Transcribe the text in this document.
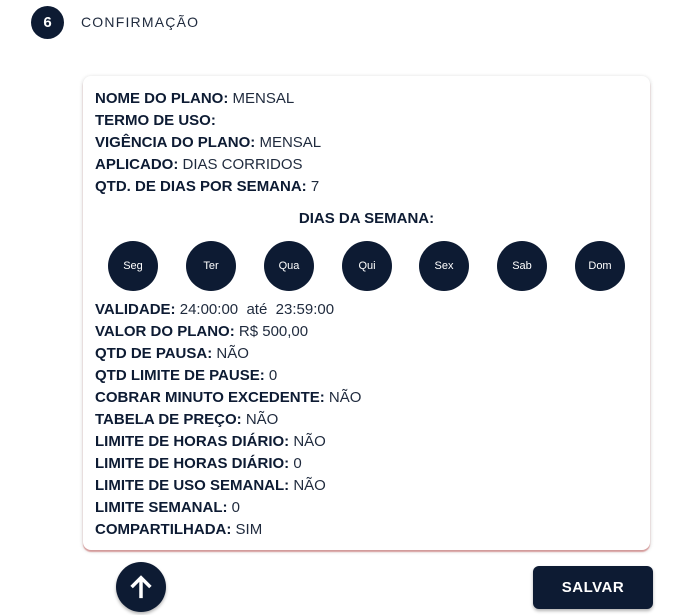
6	CONFIRMAÇÃO
NOME DO PLANO: MENSAL
TERMO DE USO:
VIGÊNCIA DO PLANO: MENSAL
APLICADO: DIAS CORRIDOS
QTD. DE DIAS POR SEMANA: 7
DIAS DA SEMANA:
Seg	Ter	Qua	Qui	Sex	Sab	Dom
VALIDADE: 24:00:00 até 23:59:00
VALOR DO PLANO: R$ 500,00
QTD DE PAUSA: NÃO
QTD LIMITE DE PAUSE: 0
COBRAR MINUTO EXCEDENTE: NÃO
TABELA DE PREÇO: NÃO
LIMITE DE HORAS DIÁRIO: NÃO
LIMITE DE HORAS DIÁRIO: 0
LIMITE DE USO SEMANAL: NÃO
LIMITE SEMANAL: 0
COMPARTILHADA: SIM
SALVAR
